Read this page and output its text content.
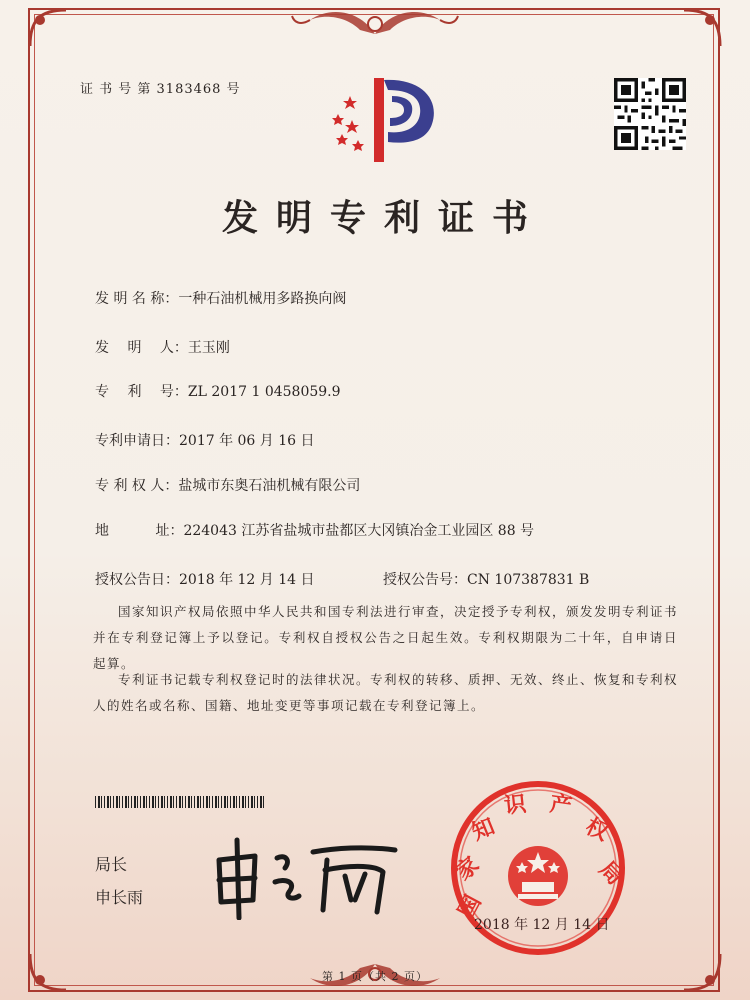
证 书 号 第 3183468 号
发明专利证书
发 明 名 称：一种石油机械用多路换向阀
发　 明　 人：王玉刚
专　 利　 号：ZL 2017 1 0458059.9
专利申请日：2017 年 06 月 16 日
专 利 权 人：盐城市东奥石油机械有限公司
地　　　 址：224043 江苏省盐城市盐都区大冈镇冶金工业园区 88 号
授权公告日：2018 年 12 月 14 日	授权公告号：CN 107387831 B
国家知识产权局依照中华人民共和国专利法进行审查，决定授予专利权，颁发发明专利证书并在专利登记簿上予以登记。专利权自授权公告之日起生效。专利权期限为二十年，自申请日起算。
专利证书记载专利权登记时的法律状况。专利权的转移、质押、无效、终止、恢复和专利权人的姓名或名称、国籍、地址变更等事项记载在专利登记簿上。
局长
申长雨	国
家
知
识 产
权
局
2018 年 12 月 14 日
第 1 页（共 2 页）
